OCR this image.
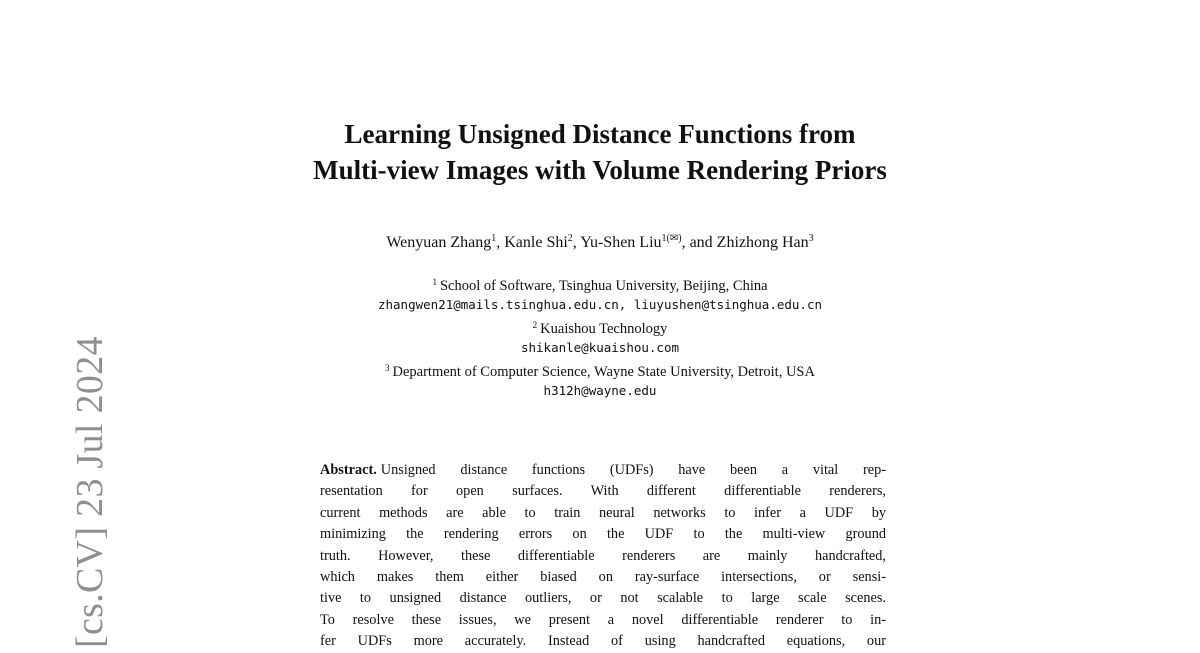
[cs.CV] 23 Jul 2024
Learning Unsigned Distance Functions from
Multi-view Images with Volume Rendering Priors
Wenyuan Zhang$^1$, Kanle Shi$^2$, Yu-Shen Liu$^{1(✉)}$, and Zhizhong Han$^3$
$^1$ School of Software, Tsinghua University, Beijing, China
zhangwen21@mails.tsinghua.edu.cn, liuyushen@tsinghua.edu.cn
$^2$ Kuaishou Technology
shikanle@kuaishou.com
$^3$ Department of Computer Science, Wayne State University, Detroit, USA
h312h@wayne.edu
Abstract. Unsigned distance functions (UDFs) have been a vital rep-
resentation for open surfaces. With different differentiable renderers,
current methods are able to train neural networks to infer a UDF by
minimizing the rendering errors on the UDF to the multi-view ground
truth. However, these differentiable renderers are mainly handcrafted,
which makes them either biased on ray-surface intersections, or sensi-
tive to unsigned distance outliers, or not scalable to large scale scenes.
To resolve these issues, we present a novel differentiable renderer to in-
fer UDFs more accurately. Instead of using handcrafted equations, our
